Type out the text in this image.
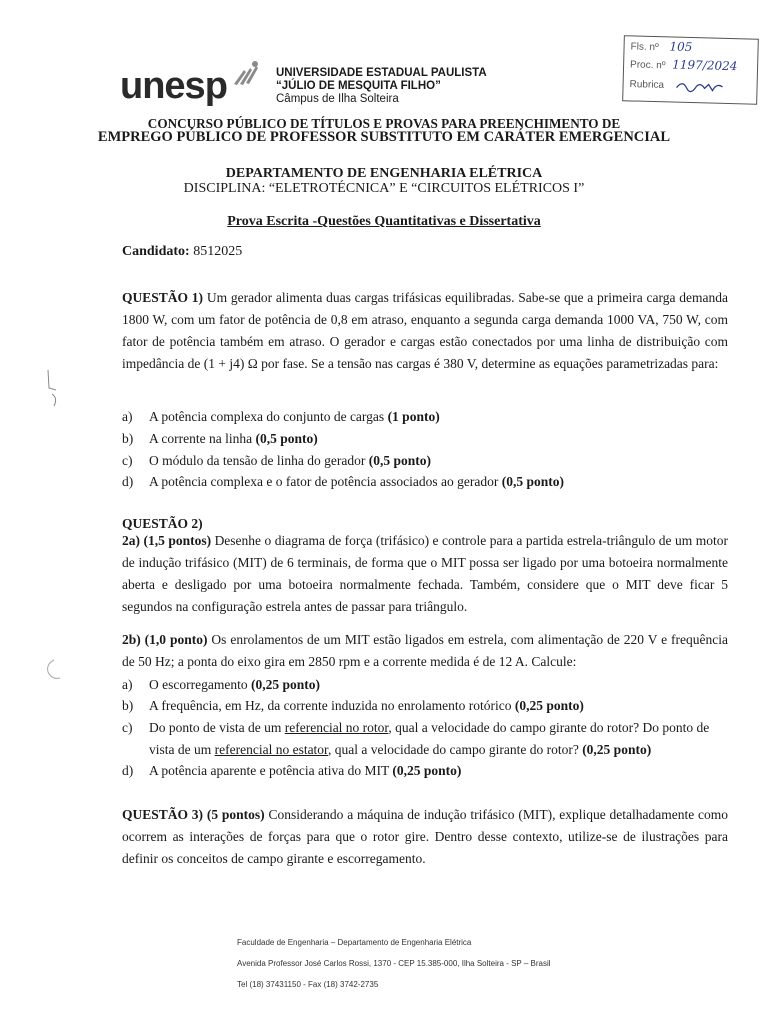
unesp	UNIVERSIDADE ESTADUAL PAULISTA
“JÚLIO DE MESQUITA FILHO”
Câmpus de Ilha Solteira
Fls. nº 105
Proc. nº 1197/2024
Rubrica
CONCURSO PÚBLICO DE TÍTULOS E PROVAS PARA PREENCHIMENTO DE
EMPREGO PÚBLICO DE PROFESSOR SUBSTITUTO EM CARÁTER EMERGENCIAL
DEPARTAMENTO DE ENGENHARIA ELÉTRICA
DISCIPLINA: “ELETROTÉCNICA” E “CIRCUITOS ELÉTRICOS I”
Prova Escrita -Questões Quantitativas e Dissertativa
Candidato: 8512025
QUESTÃO 1) Um gerador alimenta duas cargas trifásicas equilibradas. Sabe-se que a primeira carga demanda 1800 W, com um fator de potência de 0,8 em atraso, enquanto a segunda carga demanda 1000 VA, 750 W, com fator de potência também em atraso. O gerador e cargas estão conectados por uma linha de distribuição com impedância de (1 + j4) Ω por fase. Se a tensão nas cargas é 380 V, determine as equações parametrizadas para:
a) A potência complexa do conjunto de cargas (1 ponto)
b) A corrente na linha (0,5 ponto)
c) O módulo da tensão de linha do gerador (0,5 ponto)
d) A potência complexa e o fator de potência associados ao gerador (0,5 ponto)
QUESTÃO 2)
2a) (1,5 pontos) Desenhe o diagrama de força (trifásico) e controle para a partida estrela-triângulo de um motor de indução trifásico (MIT) de 6 terminais, de forma que o MIT possa ser ligado por uma botoeira normalmente aberta e desligado por uma botoeira normalmente fechada. Também, considere que o MIT deve ficar 5 segundos na configuração estrela antes de passar para triângulo.
2b) (1,0 ponto) Os enrolamentos de um MIT estão ligados em estrela, com alimentação de 220 V e frequência de 50 Hz; a ponta do eixo gira em 2850 rpm e a corrente medida é de 12 A. Calcule:
a) O escorregamento (0,25 ponto)
b) A frequência, em Hz, da corrente induzida no enrolamento rotórico (0,25 ponto)
c)	Do ponto de vista de um referencial no rotor, qual a velocidade do campo girante do rotor? Do ponto de vista de um referencial no estator, qual a velocidade do campo girante do rotor? (0,25 ponto)
d) A potência aparente e potência ativa do MIT (0,25 ponto)
QUESTÃO 3) (5 pontos) Considerando a máquina de indução trifásico (MIT), explique detalhadamente como ocorrem as interações de forças para que o rotor gire. Dentro desse contexto, utilize-se de ilustrações para definir os conceitos de campo girante e escorregamento.
Faculdade de Engenharia – Departamento de Engenharia Elétrica
Avenida Professor José Carlos Rossi, 1370 - CEP 15.385-000, Ilha Solteira - SP – Brasil
Tel (18) 37431150 - Fax (18) 3742-2735
